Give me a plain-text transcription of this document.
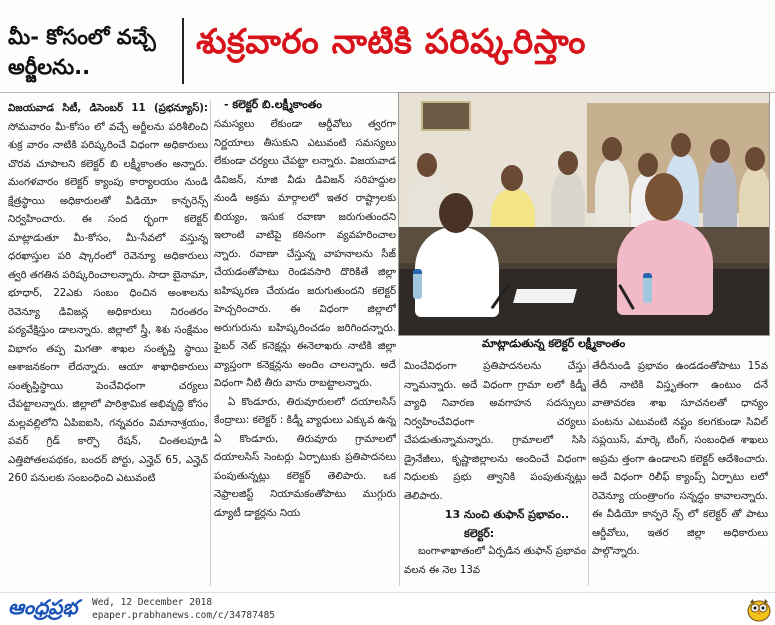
మీ- కోసంలో వచ్చే అర్జీలను..
శుక్రవారం నాటికి పరిష్కరిస్తాం
- కలెక్టర్ బి.లక్ష్మీకాంతం
విజయవాడ సిటీ, డిసెంబర్ 11 (ప్రభన్యూస్): సోమవారం మీ-కోసం లో వచ్చే అర్జీలను పరిశీలించి శుక్ర వారం నాటికి పరిష్కరించే విధంగా అధికారులు చొరవ చూపాలని కలెక్టర్ బి లక్ష్మీకాంతం అన్నారు. మంగళవారం కలెక్టర్ క్యాంపు కార్యాలయం నుండి క్షేత్రస్థాయి అధికారులతో వీడియో కాన్ఫరెన్స్ నిర్వహించారు. ఈ సంద ర్భంగా కలెక్టర్ మాట్లాడుతూ మీ-కోసం, మీ-సేవలో వస్తున్న ధరఖాస్తుల పరి ష్కారంలో రెవెన్యూ అధికారులు త్వరి తగతిన పరిష్కరించాలన్నారు. సాదా బైనామా, భూధార్, 22ఎకు సంబం ధించిన అంశాలను రెవెన్యూ డివిజన్ల అధికారులు నిరంతరం పర్యవేక్షిస్తుం డాలన్నారు. జిల్లాలో స్త్రీ, శిశు సంక్షేమం విభాగం తప్ప మిగతా శాఖల సంతృప్తి స్థాయి ఆశాజనకంగా లేదన్నారు. ఆయా శాఖాధికారులు సంతృప్తిస్థాయి పెంచేవిధంగా చర్యలు చేపట్టాలన్నారు. జిల్లాలో పారిశ్రామిక అభివృద్ధి కోసం మల్లవల్లిలోని ఏపిఐఐసి, గన్నవరం విమానాశ్రయం, పవర్ గ్రిడ్ కార్పొ రేషన్, చింతలపూడి ఎత్తిపోతలపథకం, బందర్ పోర్టు, ఎన్హెచ్ 65, ఎన్హెచ్ 260 పనులకు సంబంధించి ఎటువంటి

సమస్యలు లేకుండా ఆర్డీవోలు త్వరగా నిర్ణయాలు తీసుకుని ఎటువంటి సమస్యలు లేకుండా చర్యలు చేపట్టా లన్నారు. విజయవాడ డివిజన్, నూజి వీడు డివిజన్ సరిహద్దుల నుండి అక్రమ మార్గాలలో ఇతర రాష్ట్రాలకు బియ్యం, ఇసుక రవాణా జరుగుతుందని ఇలాంటి వాటిపై కఠినంగా వ్యవహరించాల న్నారు. రవాణా చేస్తున్న వాహనాలను సీజ్ చేయడంతోపాటు రెండవసారి దొరికితే జిల్లా బహిష్కరణ చేయడం జరుగుతుందని కలెక్టర్ హెచ్చరించారు. ఈ విధంగా జిల్లాలో అరుగురును బహిష్కరించడం జరిగిందన్నారు. ఫైబర్ నెట్ కనెక్షన్లు ఈనెలాఖరు నాటికి జిల్లా వ్యాప్తంగా కనెక్షన్లను అందిం చాలన్నారు. అదే విధంగా నీటి తీరు వాను రాబట్టాలన్నారు.

ఏ కొండూరు, తిరువూరులలో దయాలసిస్ కేంద్రాలు: కలెక్టర్ : కిడ్నీ వ్యాధులు ఎక్కువ ఉన్న ఏ కొండూరు, తిరువూరు గ్రామాలలో దయాలసిస్ సెంటర్లు ఏర్పాటుకు ప్రతిపాదనలు పంపుతున్నట్లు కలెక్టర్ తెలిపారు. ఒక నెఫ్రాలజిస్ట్ నియామకంతోపాటు ముగ్గురు డ్యూటీ డాక్టర్లను నియ

మాట్లాడుతున్న కలెక్టర్ లక్ష్మీకాంతం

మించేవిధంగా ప్రతిపాదనలను చేస్తు న్నామన్నారు. అదే విధంగా గ్రామా లలో కిడ్నీ వ్యాధి నివారణ అవగాహన సదస్సులు నిర్వహించేవిధంగా చర్యలు చేపడుతున్నామన్నారు. గ్రామాలలో సిసి డ్రైనేజీలు, కృష్ణాజిల్లాలను అందించే విధంగా నిధులకు ప్రభు త్వానికి పంపుతున్నట్లు తెలిపారు.

13 నుంచి తుఫాన్ ప్రభావం..

కలెక్టర్:

బంగాళాఖాతంలో ఏర్పడిన తుఫాన్ ప్రభావం వలన ఈ నెల 13వ

తేదీనుండి ప్రభావం ఉండడంతోపాటు 15వ తేదీ నాటికి విస్తృతంగా ఉంటుం దనే వాతావరణ శాఖ సూచనలతో ధాన్యం పంటను ఎటువంటి నష్టం కలగకుండా సివిల్ సప్లయిస్, మార్కె టింగ్, సంబంధిత శాఖలు అప్రమ త్తంగా ఉండాలని కలెక్టర్ ఆదేశించారు. అదే విధంగా రిలీఫ్ క్యాంప్స్ ఏర్పాటు లలో రెవెన్యూ యంత్రాంగం సన్నద్ధం కావాలన్నారు. ఈ వీడియో కాన్ఫరె న్స్ లో కలెక్టర్ తో పాటు ఆర్డీవోలు, ఇతర జిల్లా అధికారులు పాల్గొన్నారు.

ఆంధ్రప్రభ Wed, 12 December 2018
epaper.prabhanews.com/c/34787485
